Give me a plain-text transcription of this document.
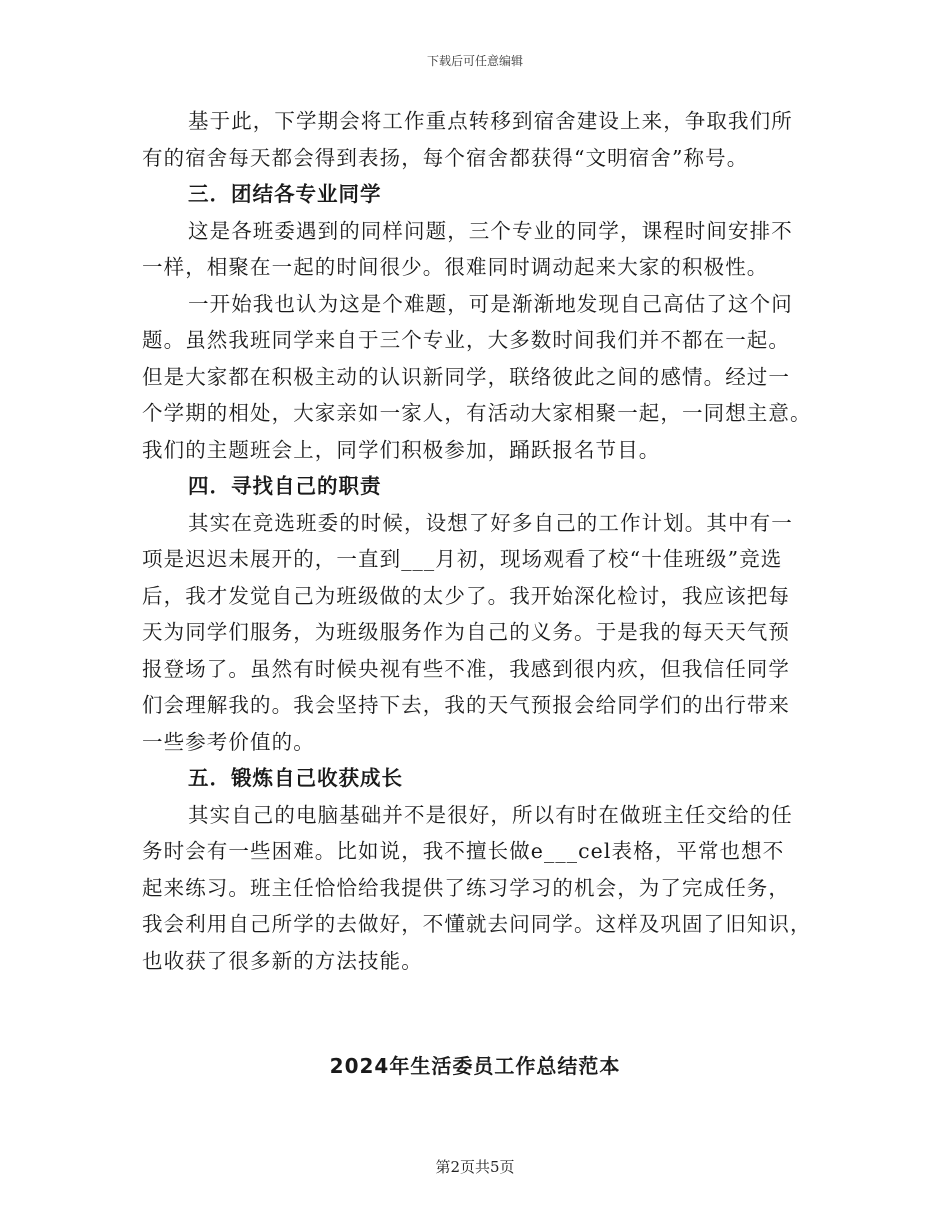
下载后可任意编辑
基于此，下学期会将工作重点转移到宿舍建设上来，争取我们所
有的宿舍每天都会得到表扬，每个宿舍都获得“文明宿舍”称号。
三．团结各专业同学
这是各班委遇到的同样问题，三个专业的同学，课程时间安排不
一样，相聚在一起的时间很少。很难同时调动起来大家的积极性。
一开始我也认为这是个难题，可是渐渐地发现自己高估了这个问
题。虽然我班同学来自于三个专业，大多数时间我们并不都在一起。
但是大家都在积极主动的认识新同学，联络彼此之间的感情。经过一
个学期的相处，大家亲如一家人，有活动大家相聚一起，一同想主意。
我们的主题班会上，同学们积极参加，踊跃报名节目。
四．寻找自己的职责
其实在竞选班委的时候，设想了好多自己的工作计划。其中有一
项是迟迟未展开的，一直到___月初，现场观看了校“十佳班级”竞选
后，我才发觉自己为班级做的太少了。我开始深化检讨，我应该把每
天为同学们服务，为班级服务作为自己的义务。于是我的每天天气预
报登场了。虽然有时候央视有些不准，我感到很内疚，但我信任同学
们会理解我的。我会坚持下去，我的天气预报会给同学们的出行带来
一些参考价值的。
五．锻炼自己收获成长
其实自己的电脑基础并不是很好，所以有时在做班主任交给的任
务时会有一些困难。比如说，我不擅长做e___cel表格，平常也想不
起来练习。班主任恰恰给我提供了练习学习的机会，为了完成任务，
我会利用自己所学的去做好，不懂就去问同学。这样及巩固了旧知识，
也收获了很多新的方法技能。
2024年生活委员工作总结范本
第2页共5页
